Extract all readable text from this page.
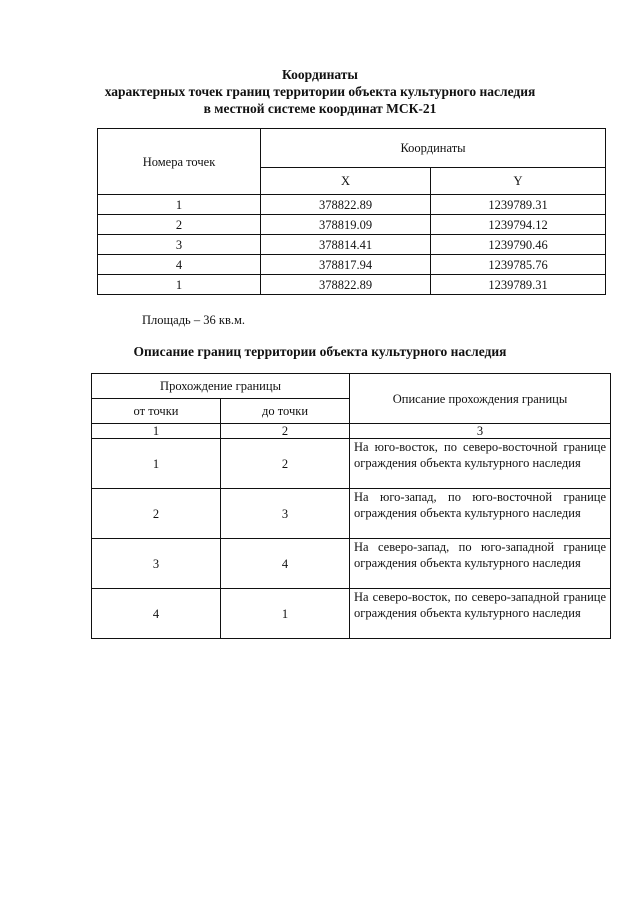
Координаты
характерных точек границ территории объекта культурного наследия
в местной системе координат МСК-21
Номера точек	Координаты	
	X	Y
1	378822.89	1239789.31
2	378819.09	1239794.12
3	378814.41	1239790.46
4	378817.94	1239785.76
1	378822.89	1239789.31
Площадь – 36 кв.м.
Описание границ территории объекта культурного наследия
Прохождение границы		Описание прохождения границы
от точки	до точки	
1	2	3
1	2	На юго-восток, по северо-восточной границе ограждения объекта культурного наследия

2	3	На юго-запад, по юго-восточной границе ограждения объекта культурного наследия

3	4	На северо-запад, по юго-западной границе ограждения объекта культурного наследия

4	1	На северо-восток, по северо-западной границе ограждения объекта культурного наследия
